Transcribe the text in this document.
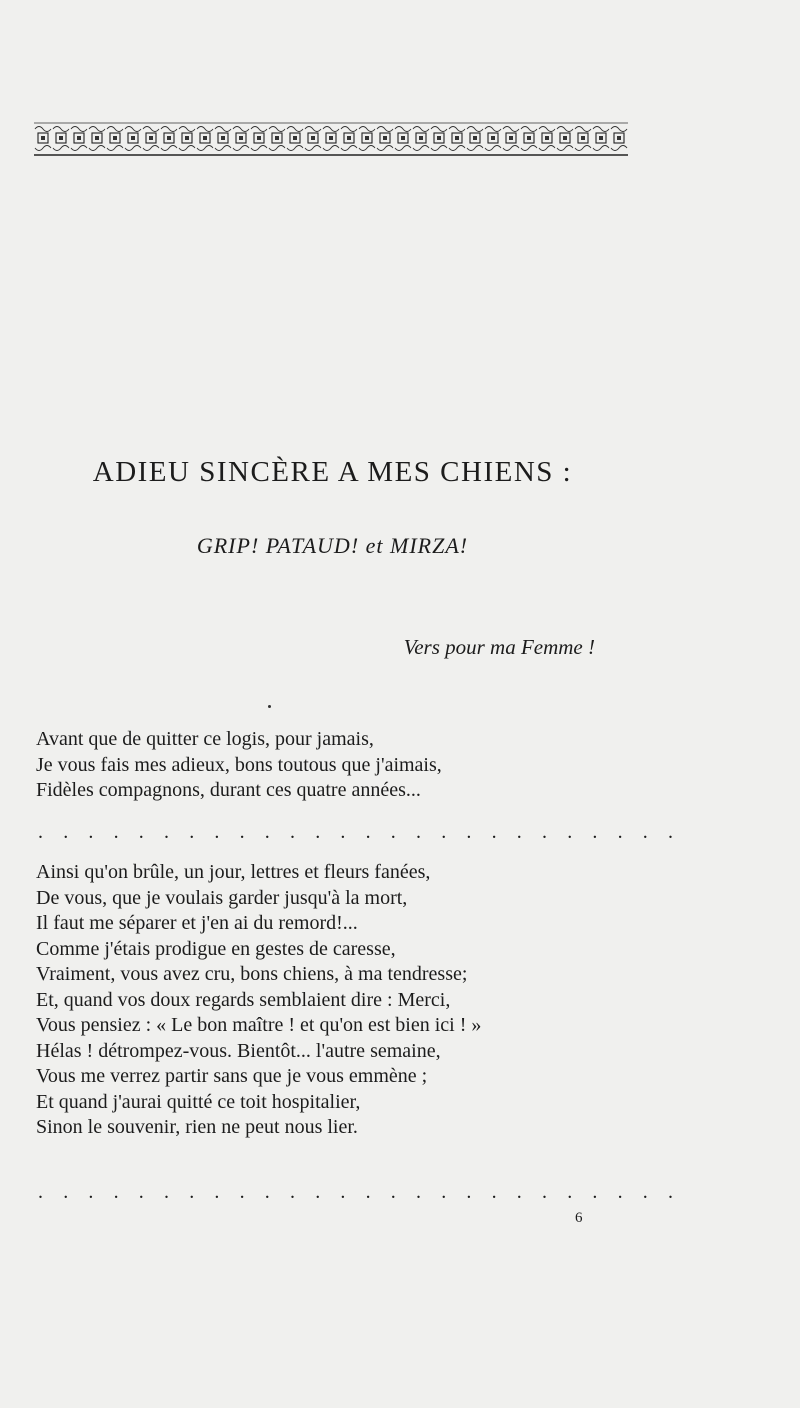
ADIEU SINCÈRE A MES CHIENS :
GRIP! PATAUD! et MIRZA!
Vers pour ma Femme !
Avant que de quitter ce logis, pour jamais,
Je vous fais mes adieux, bons toutous que j'aimais,
Fidèles compagnons, durant ces quatre années...
. . . . . . . . . . . . . . . . . . . . . . . . . .
Ainsi qu'on brûle, un jour, lettres et fleurs fanées,
De vous, que je voulais garder jusqu'à la mort,
Il faut me séparer et j'en ai du remord!...
Comme j'étais prodigue en gestes de caresse,
Vraiment, vous avez cru, bons chiens, à ma tendresse;
Et, quand vos doux regards semblaient dire : Merci,
Vous pensiez : « Le bon maître ! et qu'on est bien ici ! »
Hélas ! détrompez-vous. Bientôt... l'autre semaine,
Vous me verrez partir sans que je vous emmène ;
Et quand j'aurai quitté ce toit hospitalier,
Sinon le souvenir, rien ne peut nous lier.
. . . . . . . . . . . . . . . . . . . . . . . . . .
6
